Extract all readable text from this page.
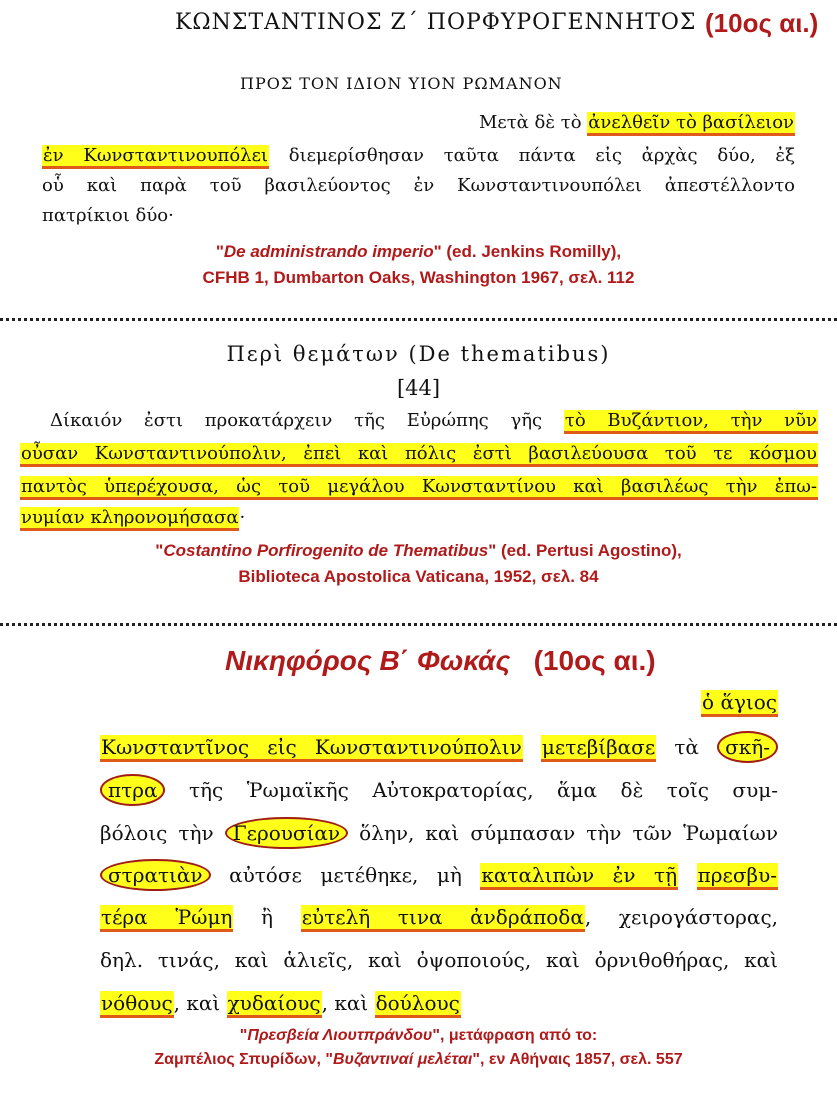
ΚΩΝΣΤΑΝΤΙΝΟΣ Ζ΄ ΠΟΡΦΥΡΟΓΕΝΝΗΤΟΣ (10ος αι.)
ΠΡΟΣ ΤΟΝ ΙΔΙΟΝ ΥΙΟΝ ΡΩΜΑΝΟΝ
Μετὰ δὲ τὸ ἀνελθεῖν τὸ βασίλειον
ἐν Κωνσταντινουπόλει διεμερίσθησαν ταῦτα πάντα εἰς ἀρχὰς δύο, ἐξ
οὗ καὶ παρὰ τοῦ βασιλεύοντος ἐν Κωνσταντινουπόλει ἀπεστέλλοντο
πατρίκιοι δύο·
"De administrando imperio" (ed. Jenkins Romilly),
CFHB 1, Dumbarton Oaks, Washington 1967, σελ. 112
Περὶ θεμάτων (De thematibus)
[44]
Δίκαιόν ἐστι προκατάρχειν τῆς Εὐρώπης γῆς τὸ Βυζάντιον, τὴν νῦν
οὖσαν Κωνσταντινούπολιν, ἐπεὶ καὶ πόλις ἐστὶ βασιλεύουσα τοῦ τε κόσμου
παντὸς ὑπερέχουσα, ὡς τοῦ μεγάλου Κωνσταντίνου καὶ βασιλέως τὴν ἐπω-
νυμίαν κληρονομήσασα·
"Costantino Porfirogenito de Thematibus" (ed. Pertusi Agostino),
Biblioteca Apostolica Vaticana, 1952, σελ. 84
Νικηφόρος Β΄ Φωκάς (10ος αι.)
ὁ ἅγιος
Κωνσταντῖνος εἰς Κωνσταντινούπολιν μετεβίβασε τὰ σκῆ-
πτρα τῆς Ῥωμαϊκῆς Αὐτοκρατορίας, ἅμα δὲ τοῖς συμ-
βόλοις τὴν Γερουσίαν ὅλην, καὶ σύμπασαν τὴν τῶν Ῥωμαίων
στρατιὰν αὐτόσε μετέθηκε, μὴ καταλιπὼν ἐν τῇ πρεσβυ-
τέρα Ῥώμη ἢ εὐτελῆ τινα ἀνδράποδα, χειρογάστορας,
δηλ. τινάς, καὶ ἁλιεῖς, καὶ ὀψοποιούς, καὶ ὀρνιθοθήρας, καὶ
νόθους, καὶ χυδαίους, καὶ δούλους
"Πρεσβεία Λιουτπράνδου", μετάφραση από το:
Ζαμπέλιος Σπυρίδων, "Βυζαντιναί μελέται", εν Αθήναις 1857, σελ. 557
